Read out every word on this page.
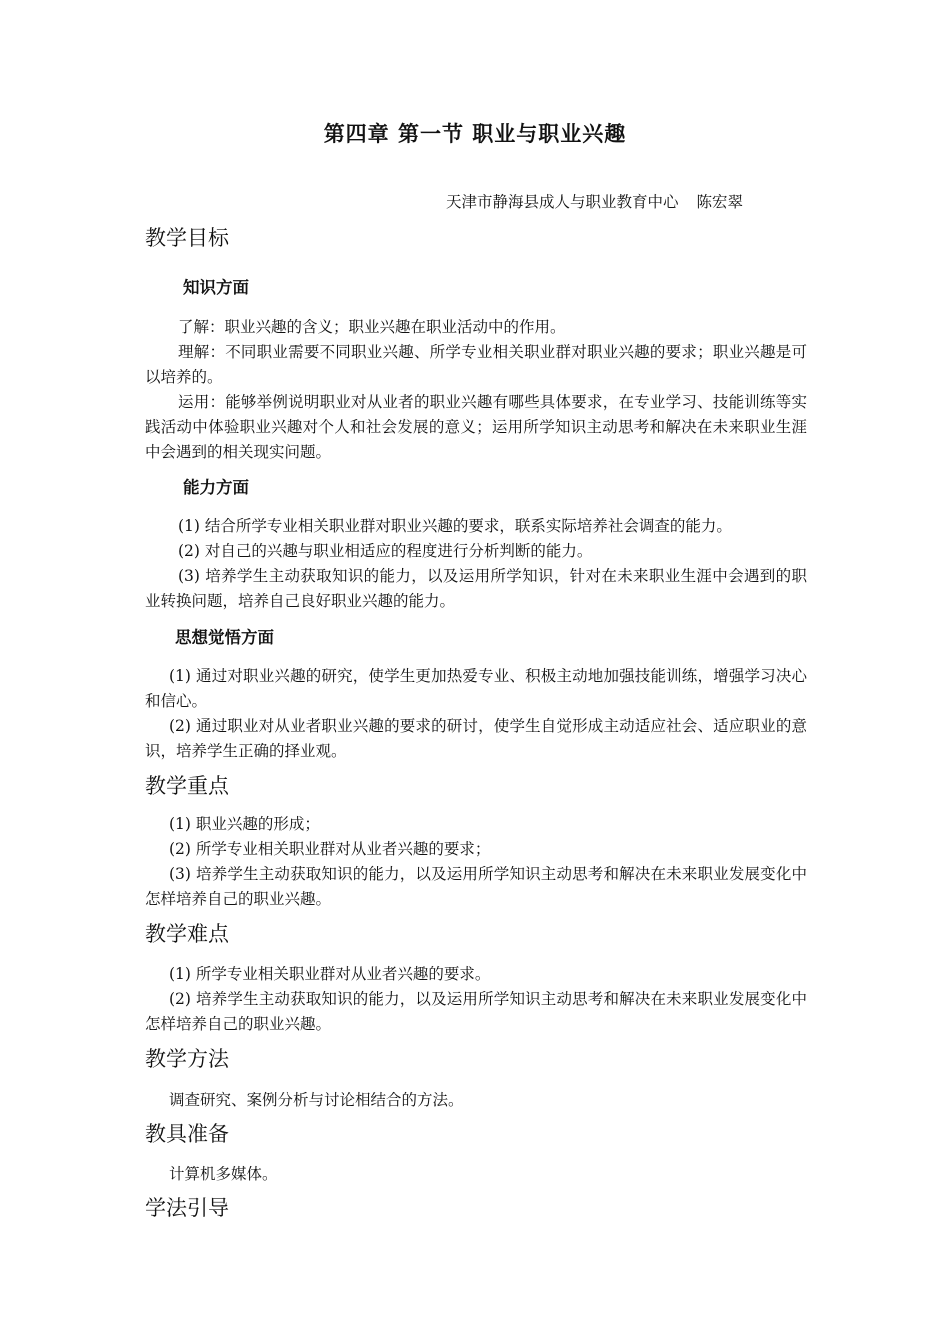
第四章 第一节 职业与职业兴趣
天津市静海县成人与职业教育中心 陈宏翠
教学目标
知识方面
了解：职业兴趣的含义；职业兴趣在职业活动中的作用。
理解：不同职业需要不同职业兴趣、所学专业相关职业群对职业兴趣的要求；职业兴趣是可以培养的。
运用：能够举例说明职业对从业者的职业兴趣有哪些具体要求，在专业学习、技能训练等实践活动中体验职业兴趣对个人和社会发展的意义；运用所学知识主动思考和解决在未来职业生涯中会遇到的相关现实问题。
能力方面
(1) 结合所学专业相关职业群对职业兴趣的要求，联系实际培养社会调查的能力。
(2) 对自己的兴趣与职业相适应的程度进行分析判断的能力。
(3) 培养学生主动获取知识的能力，以及运用所学知识，针对在未来职业生涯中会遇到的职业转换问题，培养自己良好职业兴趣的能力。
思想觉悟方面
(1) 通过对职业兴趣的研究，使学生更加热爱专业、积极主动地加强技能训练，增强学习决心和信心。
(2) 通过职业对从业者职业兴趣的要求的研讨，使学生自觉形成主动适应社会、适应职业的意识，培养学生正确的择业观。
教学重点
(1) 职业兴趣的形成；
(2) 所学专业相关职业群对从业者兴趣的要求；
(3) 培养学生主动获取知识的能力，以及运用所学知识主动思考和解决在未来职业发展变化中怎样培养自己的职业兴趣。
教学难点
(1) 所学专业相关职业群对从业者兴趣的要求。
(2) 培养学生主动获取知识的能力，以及运用所学知识主动思考和解决在未来职业发展变化中怎样培养自己的职业兴趣。
教学方法
调查研究、案例分析与讨论相结合的方法。
教具准备
计算机多媒体。
学法引导
